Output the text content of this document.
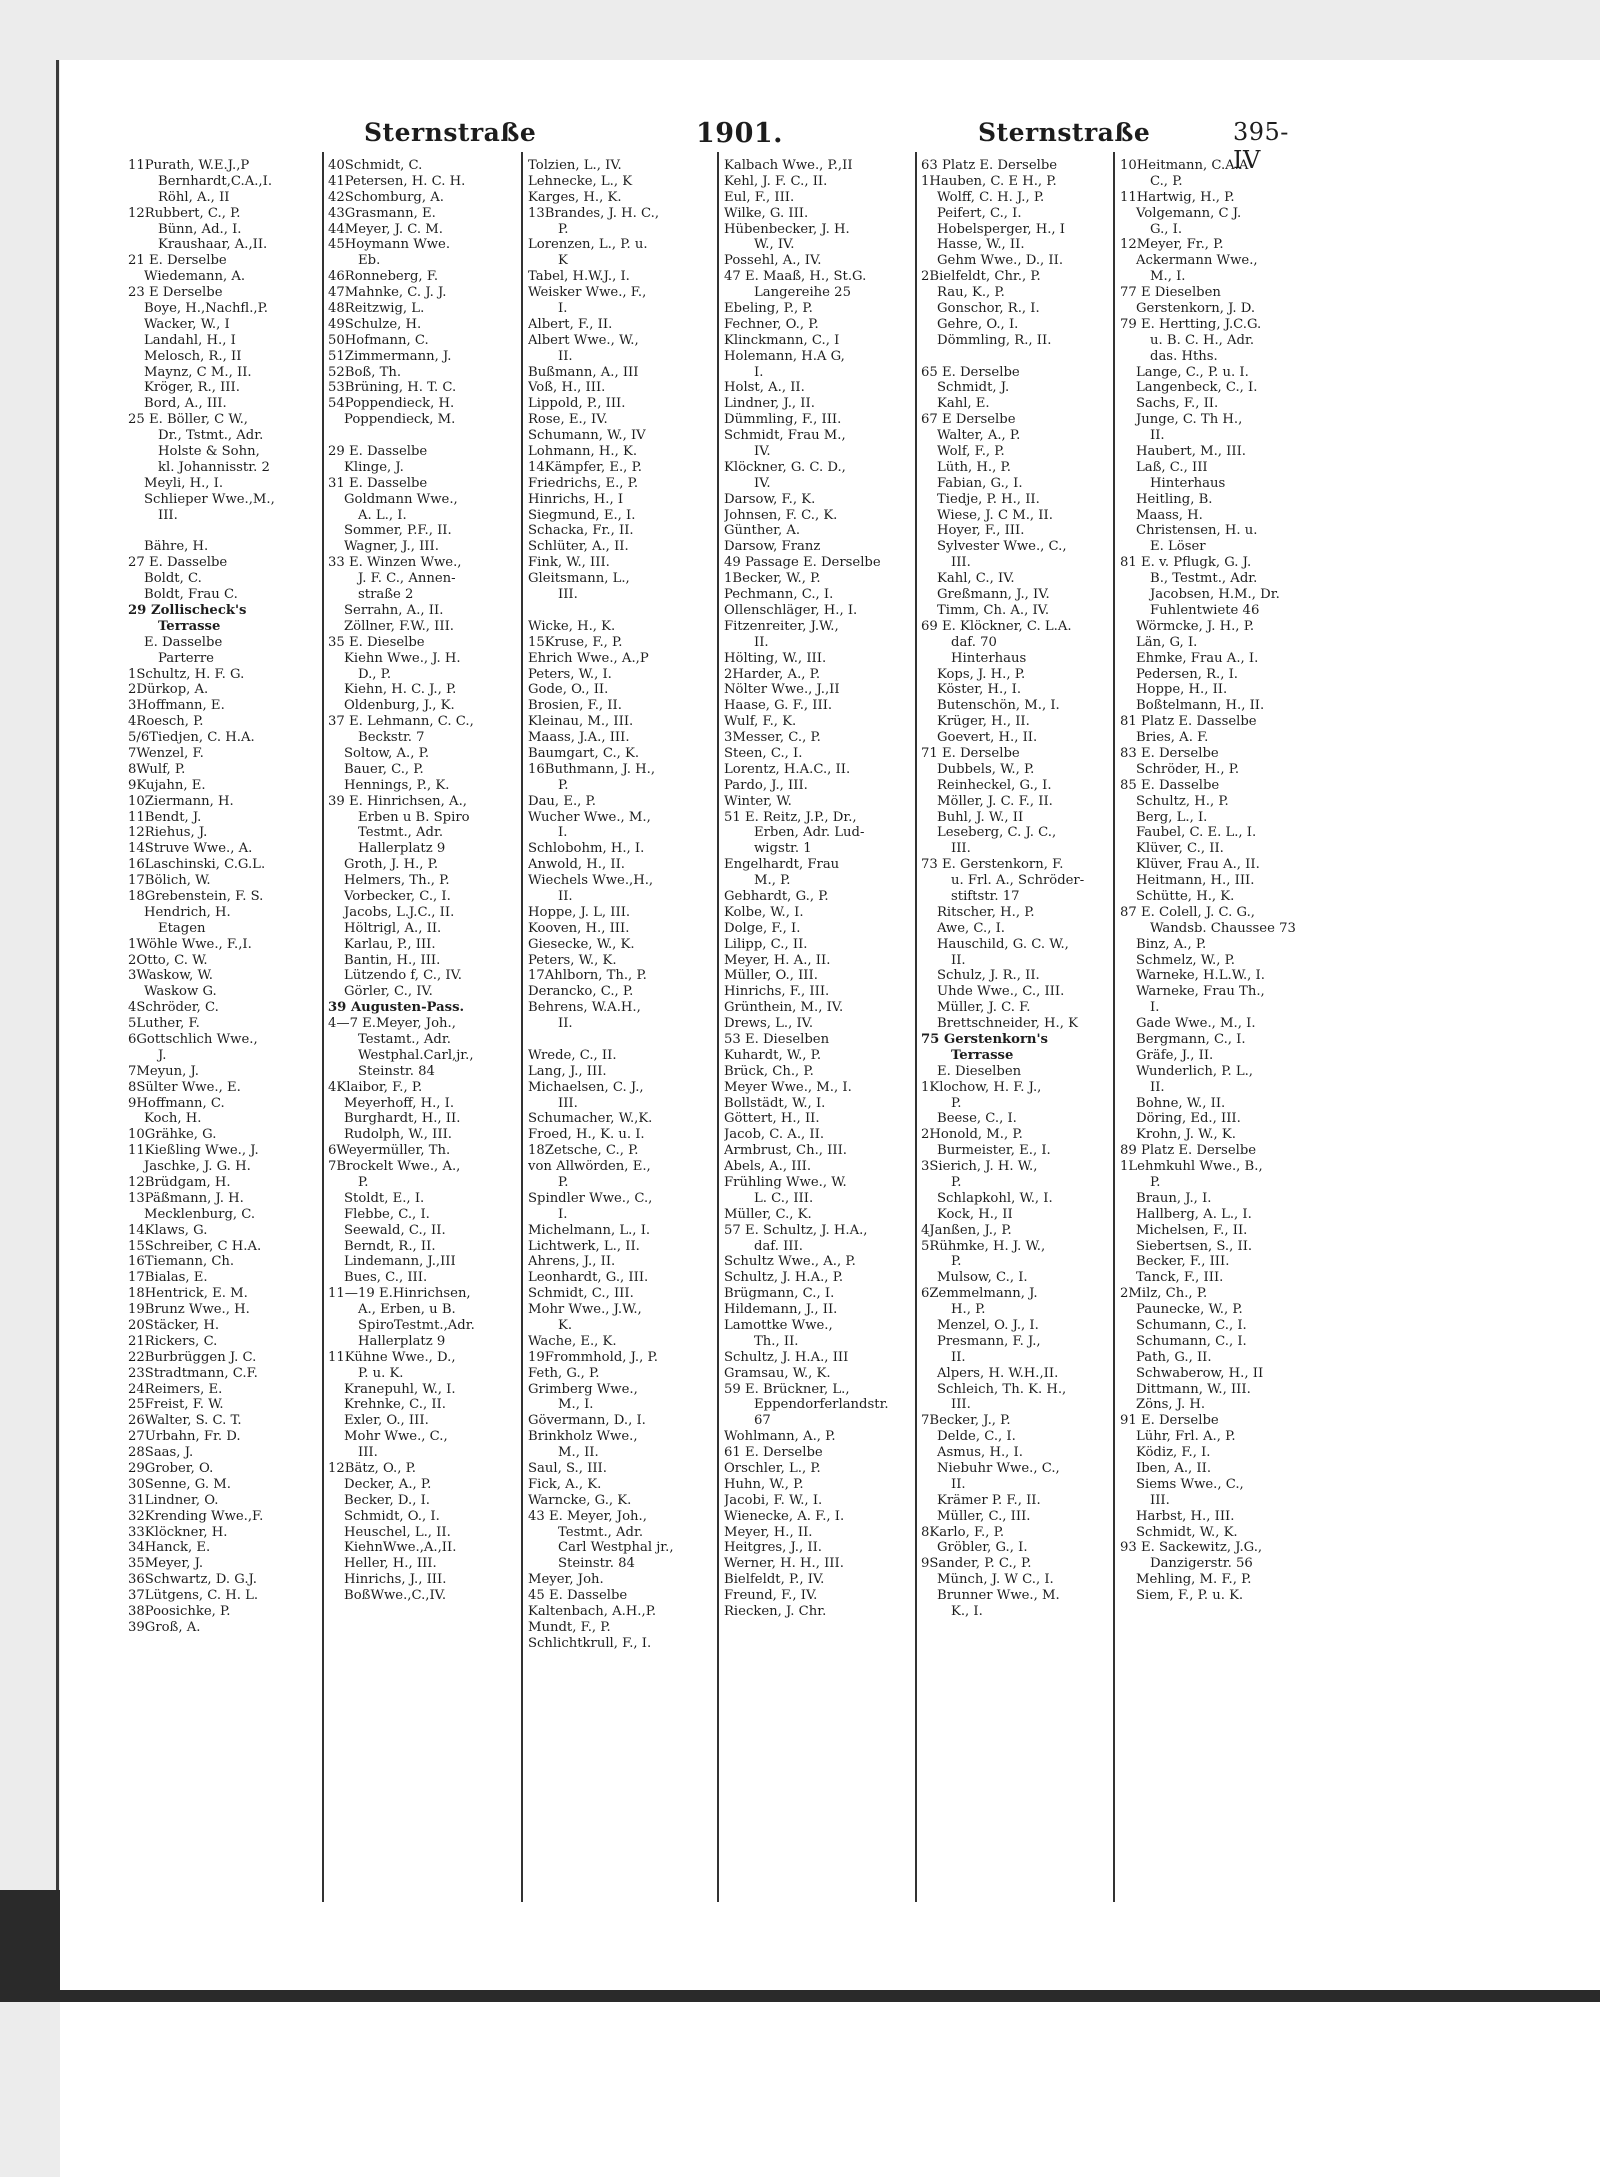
Sternstraße	1901.	Sternstraße	395-IV
11Purath, W.E.J.,P
Bernhardt,C.A.,I.
Röhl, A., II
12Rubbert, C., P.
Bünn, Ad., I.
Kraushaar, A.,II.
21 E. Derselbe
Wiedemann, A.
23 E Derselbe
Boye, H.,Nachfl.,P.
Wacker, W., I
Landahl, H., I
Melosch, R., II
Maynz, C M., II.
Kröger, R., III.
Bord, A., III.
25 E. Böller, C W.,
Dr., Tstmt., Adr.
Holste & Sohn,
kl. Johannisstr. 2
Meyli, H., I.
Schlieper Wwe.,M.,
III.
Bähre, H.
27 E. Dasselbe
Boldt, C.
Boldt, Frau C.
29 Zollischeck's
Terrasse
E. Dasselbe
Parterre
1Schultz, H. F. G.
2Dürkop, A.
3Hoffmann, E.
4Roesch, P.
5/6Tiedjen, C. H.A.
7Wenzel, F.
8Wulf, P.
9Kujahn, E.
10Ziermann, H.
11Bendt, J.
12Riehus, J.
14Struve Wwe., A.
16Laschinski, C.G.L.
17Bölich, W.
18Grebenstein, F. S.
Hendrich, H.
Etagen
1Wöhle Wwe., F.,I.
2Otto, C. W.
3Waskow, W.
Waskow G.
4Schröder, C.
5Luther, F.
6Gottschlich Wwe.,
J.
7Meyun, J.
8Sülter Wwe., E.
9Hoffmann, C.
Koch, H.
10Grähke, G.
11Kießling Wwe., J.
Jaschke, J. G. H.
12Brüdgam, H.
13Päßmann, J. H.
Mecklenburg, C.
14Klaws, G.
15Schreiber, C H.A.
16Tiemann, Ch.
17Bialas, E.
18Hentrick, E. M.
19Brunz Wwe., H.
20Stäcker, H.
21Rickers, C.
22Burbrüggen J. C.
23Stradtmann, C.F.
24Reimers, E.
25Freist, F. W.
26Walter, S. C. T.
27Urbahn, Fr. D.
28Saas, J.
29Grober, O.
30Senne, G. M.
31Lindner, O.
32Krending Wwe.,F.
33Klöckner, H.
34Hanck, E.
35Meyer, J.
36Schwartz, D. G.J.
37Lütgens, C. H. L.
38Poosichke, P.
39Groß, A.
40Schmidt, C.
41Petersen, H. C. H.
42Schomburg, A.
43Grasmann, E.
44Meyer, J. C. M.
45Hoymann Wwe.
Eb.
46Ronneberg, F.
47Mahnke, C. J. J.
48Reitzwig, L.
49Schulze, H.
50Hofmann, C.
51Zimmermann, J.
52Boß, Th.
53Brüning, H. T. C.
54Poppendieck, H.
Poppendieck, M.
29 E. Dasselbe
Klinge, J.
31 E. Dasselbe
Goldmann Wwe.,
A. L., I.
Sommer, P.F., II.
Wagner, J., III.
33 E. Winzen Wwe.,
J. F. C., Annen-
straße 2
Serrahn, A., II.
Zöllner, F.W., III.
35 E. Dieselbe
Kiehn Wwe., J. H.
D., P.
Kiehn, H. C. J., P.
Oldenburg, J., K.
37 E. Lehmann, C. C.,
Beckstr. 7
Soltow, A., P.
Bauer, C., P.
Hennings, P., K.
39 E. Hinrichsen, A.,
Erben u B. Spiro
Testmt., Adr.
Hallerplatz 9
Groth, J. H., P.
Helmers, Th., P.
Vorbecker, C., I.
Jacobs, L.J.C., II.
Höltrigl, A., II.
Karlau, P., III.
Bantin, H., III.
Lützendo f, C., IV.
Görler, C., IV.
39 Augusten-Pass.
4—7 E.Meyer, Joh.,
Testamt., Adr.
Westphal.Carl,jr.,
Steinstr. 84
4Klaibor, F., P.
Meyerhoff, H., I.
Burghardt, H., II.
Rudolph, W., III.
6Weyermüller, Th.
7Brockelt Wwe., A.,
P.
Stoldt, E., I.
Flebbe, C., I.
Seewald, C., II.
Berndt, R., II.
Lindemann, J.,III
Bues, C., III.
11—19 E.Hinrichsen,
A., Erben, u B.
SpiroTestmt.,Adr.
Hallerplatz 9
11Kühne Wwe., D.,
P. u. K.
Kranepuhl, W., I.
Krehnke, C., II.
Exler, O., III.
Mohr Wwe., C.,
III.
12Bätz, O., P.
Decker, A., P.
Becker, D., I.
Schmidt, O., I.
Heuschel, L., II.
KiehnWwe.,A.,II.
Heller, H., III.
Hinrichs, J., III.
BoßWwe.,C.,IV.
Tolzien, L., IV.
Lehnecke, L., K
Karges, H., K.
13Brandes, J. H. C.,
P.
Lorenzen, L., P. u.
K
Tabel, H.W.J., I.
Weisker Wwe., F.,
I.
Albert, F., II.
Albert Wwe., W.,
II.
Bußmann, A., III
Voß, H., III.
Lippold, P., III.
Rose, E., IV.
Schumann, W., IV
Lohmann, H., K.
14Kämpfer, E., P.
Friedrichs, E., P.
Hinrichs, H., I
Siegmund, E., I.
Schacka, Fr., II.
Schlüter, A., II.
Fink, W., III.
Gleitsmann, L.,
III.
Wicke, H., K.
15Kruse, F., P.
Ehrich Wwe., A.,P
Peters, W., I.
Gode, O., II.
Brosien, F., II.
Kleinau, M., III.
Maass, J.A., III.
Baumgart, C., K.
16Buthmann, J. H.,
P.
Dau, E., P.
Wucher Wwe., M.,
I.
Schlobohm, H., I.
Anwold, H., II.
Wiechels Wwe.,H.,
II.
Hoppe, J. L, III.
Kooven, H., III.
Giesecke, W., K.
Peters, W., K.
17Ahlborn, Th., P.
Derancko, C., P.
Behrens, W.A.H.,
II.
Wrede, C., II.
Lang, J., III.
Michaelsen, C. J.,
III.
Schumacher, W.,K.
Froed, H., K. u. I.
18Zetsche, C., P.
von Allwörden, E.,
P.
Spindler Wwe., C.,
I.
Michelmann, L., I.
Lichtwerk, L., II.
Ahrens, J., II.
Leonhardt, G., III.
Schmidt, C., III.
Mohr Wwe., J.W.,
K.
Wache, E., K.
19Frommhold, J., P.
Feth, G., P.
Grimberg Wwe.,
M., I.
Gövermann, D., I.
Brinkholz Wwe.,
M., II.
Saul, S., III.
Fick, A., K.
Warncke, G., K.
43 E. Meyer, Joh.,
Testmt., Adr.
Carl Westphal jr.,
Steinstr. 84
Meyer, Joh.
45 E. Dasselbe
Kaltenbach, A.H.,P.
Mundt, F., P.
Schlichtkrull, F., I.
Kalbach Wwe., P.,II
Kehl, J. F. C., II.
Eul, F., III.
Wilke, G. III.
Hübenbecker, J. H.
W., IV.
Possehl, A., IV.
47 E. Maaß, H., St.G.
Langereihe 25
Ebeling, P., P.
Fechner, O., P.
Klinckmann, C., I
Holemann, H.A G,
I.
Holst, A., II.
Lindner, J., II.
Dümmling, F., III.
Schmidt, Frau M.,
IV.
Klöckner, G. C. D.,
IV.
Darsow, F., K.
Johnsen, F. C., K.
Günther, A.
Darsow, Franz
49 Passage E. Derselbe
1Becker, W., P.
Pechmann, C., I.
Ollenschläger, H., I.
Fitzenreiter, J.W.,
II.
Hölting, W., III.
2Harder, A., P.
Nölter Wwe., J.,II
Haase, G. F., III.
Wulf, F., K.
3Messer, C., P.
Steen, C., I.
Lorentz, H.A.C., II.
Pardo, J., III.
Winter, W.
51 E. Reitz, J.P., Dr.,
Erben, Adr. Lud-
wigstr. 1
Engelhardt, Frau
M., P.
Gebhardt, G., P.
Kolbe, W., I.
Dolge, F., I.
Lilipp, C., II.
Meyer, H. A., II.
Müller, O., III.
Hinrichs, F., III.
Grünthein, M., IV.
Drews, L., IV.
53 E. Dieselben
Kuhardt, W., P.
Brück, Ch., P.
Meyer Wwe., M., I.
Bollstädt, W., I.
Göttert, H., II.
Jacob, C. A., II.
Armbrust, Ch., III.
Abels, A., III.
Frühling Wwe., W.
L. C., III.
Müller, C., K.
57 E. Schultz, J. H.A.,
daf. III.
Schultz Wwe., A., P.
Schultz, J. H.A., P.
Brügmann, C., I.
Hildemann, J., II.
Lamottke Wwe.,
Th., II.
Schultz, J. H.A., III
Gramsau, W., K.
59 E. Brückner, L.,
Eppendorferlandstr.
67
Wohlmann, A., P.
61 E. Derselbe
Orschler, L., P.
Huhn, W., P.
Jacobi, F. W., I.
Wienecke, A. F., I.
Meyer, H., II.
Heitgres, J., II.
Werner, H. H., III.
Bielfeldt, P., IV.
Freund, F., IV.
Riecken, J. Chr.
63 Platz E. Derselbe
1Hauben, C. E H., P.
Wolff, C. H. J., P.
Peifert, C., I.
Hobelsperger, H., I
Hasse, W., II.
Gehm Wwe., D., II.
2Bielfeldt, Chr., P.
Rau, K., P.
Gonschor, R., I.
Gehre, O., I.
Dömmling, R., II.
65 E. Derselbe
Schmidt, J.
Kahl, E.
67 E Derselbe
Walter, A., P.
Wolf, F., P.
Lüth, H., P.
Fabian, G., I.
Tiedje, P. H., II.
Wiese, J. C M., II.
Hoyer, F., III.
Sylvester Wwe., C.,
III.
Kahl, C., IV.
Greßmann, J., IV.
Timm, Ch. A., IV.
69 E. Klöckner, C. L.A.
daf. 70
Hinterhaus
Kops, J. H., P.
Köster, H., I.
Butenschön, M., I.
Krüger, H., II.
Goevert, H., II.
71 E. Derselbe
Dubbels, W., P.
Reinheckel, G., I.
Möller, J. C. F., II.
Buhl, J. W., II
Leseberg, C. J. C.,
III.
73 E. Gerstenkorn, F.
u. Frl. A., Schröder-
stiftstr. 17
Ritscher, H., P.
Awe, C., I.
Hauschild, G. C. W.,
II.
Schulz, J. R., II.
Uhde Wwe., C., III.
Müller, J. C. F.
Brettschneider, H., K
75 Gerstenkorn's
Terrasse
E. Dieselben
1Klochow, H. F. J.,
P.
Beese, C., I.
2Honold, M., P.
Burmeister, E., I.
3Sierich, J. H. W.,
P.
Schlapkohl, W., I.
Kock, H., II
4Janßen, J., P.
5Rühmke, H. J. W.,
P.
Mulsow, C., I.
6Zemmelmann, J.
H., P.
Menzel, O. J., I.
Presmann, F. J.,
II.
Alpers, H. W.H.,II.
Schleich, Th. K. H.,
III.
7Becker, J., P.
Delde, C., I.
Asmus, H., I.
Niebuhr Wwe., C.,
II.
Krämer P. F., II.
Müller, C., III.
8Karlo, F., P.
Gröbler, G., I.
9Sander, P. C., P.
Münch, J. W C., I.
Brunner Wwe., M.
K., I.
10Heitmann, C.A.A
C., P.
11Hartwig, H., P.
Volgemann, C J.
G., I.
12Meyer, Fr., P.
Ackermann Wwe.,
M., I.
77 E Dieselben
Gerstenkorn, J. D.
79 E. Hertting, J.C.G.
u. B. C. H., Adr.
das. Hths.
Lange, C., P. u. I.
Langenbeck, C., I.
Sachs, F., II.
Junge, C. Th H.,
II.
Haubert, M., III.
Laß, C., III
Hinterhaus
Heitling, B.
Maass, H.
Christensen, H. u.
E. Löser
81 E. v. Pflugk, G. J.
B., Testmt., Adr.
Jacobsen, H.M., Dr.
Fuhlentwiete 46
Wörmcke, J. H., P.
Län, G, I.
Ehmke, Frau A., I.
Pedersen, R., I.
Hoppe, H., II.
Boßtelmann, H., II.
81 Platz E. Dasselbe
Bries, A. F.
83 E. Derselbe
Schröder, H., P.
85 E. Dasselbe
Schultz, H., P.
Berg, L., I.
Faubel, C. E. L., I.
Klüver, C., II.
Klüver, Frau A., II.
Heitmann, H., III.
Schütte, H., K.
87 E. Colell, J. C. G.,
Wandsb. Chaussee 73
Binz, A., P.
Schmelz, W., P.
Warneke, H.L.W., I.
Warneke, Frau Th.,
I.
Gade Wwe., M., I.
Bergmann, C., I.
Gräfe, J., II.
Wunderlich, P. L.,
II.
Bohne, W., II.
Döring, Ed., III.
Krohn, J. W., K.
89 Platz E. Derselbe
1Lehmkuhl Wwe., B.,
P.
Braun, J., I.
Hallberg, A. L., I.
Michelsen, F., II.
Siebertsen, S., II.
Becker, F., III.
Tanck, F., III.
2Milz, Ch., P.
Paunecke, W., P.
Schumann, C., I.
Schumann, C., I.
Path, G., II.
Schwaberow, H., II
Dittmann, W., III.
Zöns, J. H.
91 E. Derselbe
Lühr, Frl. A., P.
Ködiz, F., I.
Iben, A., II.
Siems Wwe., C.,
III.
Harbst, H., III.
Schmidt, W., K.
93 E. Sackewitz, J.G.,
Danzigerstr. 56
Mehling, M. F., P.
Siem, F., P. u. K.
